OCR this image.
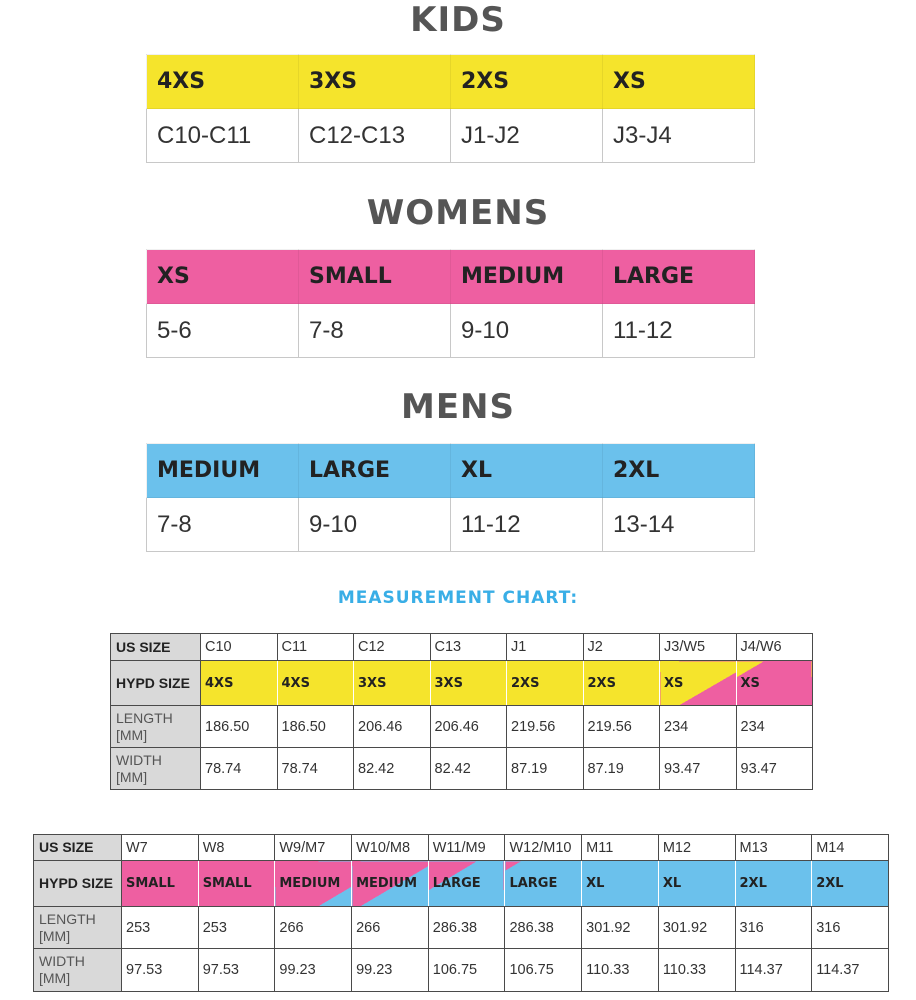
KIDS
4XS	3XS	2XS	XS
C10-C11	C12-C13	J1-J2	J3-J4
WOMENS
XS	SMALL	MEDIUM	LARGE
5-6	7-8	9-10	11-12
MENS
MEDIUM	LARGE	XL	2XL
7-8	9-10	11-12	13-14
MEASUREMENT CHART:
US SIZE	C10	C11	C12	C13	J1	J2	J3/W5	J4/W6
HYPD SIZE	4XS	4XS	3XS	3XS	2XS	2XS	XS	XS
LENGTH [MM]	186.50	186.50	206.46	206.46	219.56	219.56	234	234
WIDTH [MM]	78.74	78.74	82.42	82.42	87.19	87.19	93.47	93.47
US SIZE	W7	W8	W9/M7	W10/M8	W11/M9	W12/M10	M11	M12	M13	M14
HYPD SIZE	SMALL	SMALL	MEDIUM	MEDIUM	LARGE	LARGE	XL	XL	2XL	2XL
LENGTH [MM]	253	253	266	266	286.38	286.38	301.92	301.92	316	316
WIDTH [MM]	97.53	97.53	99.23	99.23	106.75	106.75	110.33	110.33	114.37	114.37
